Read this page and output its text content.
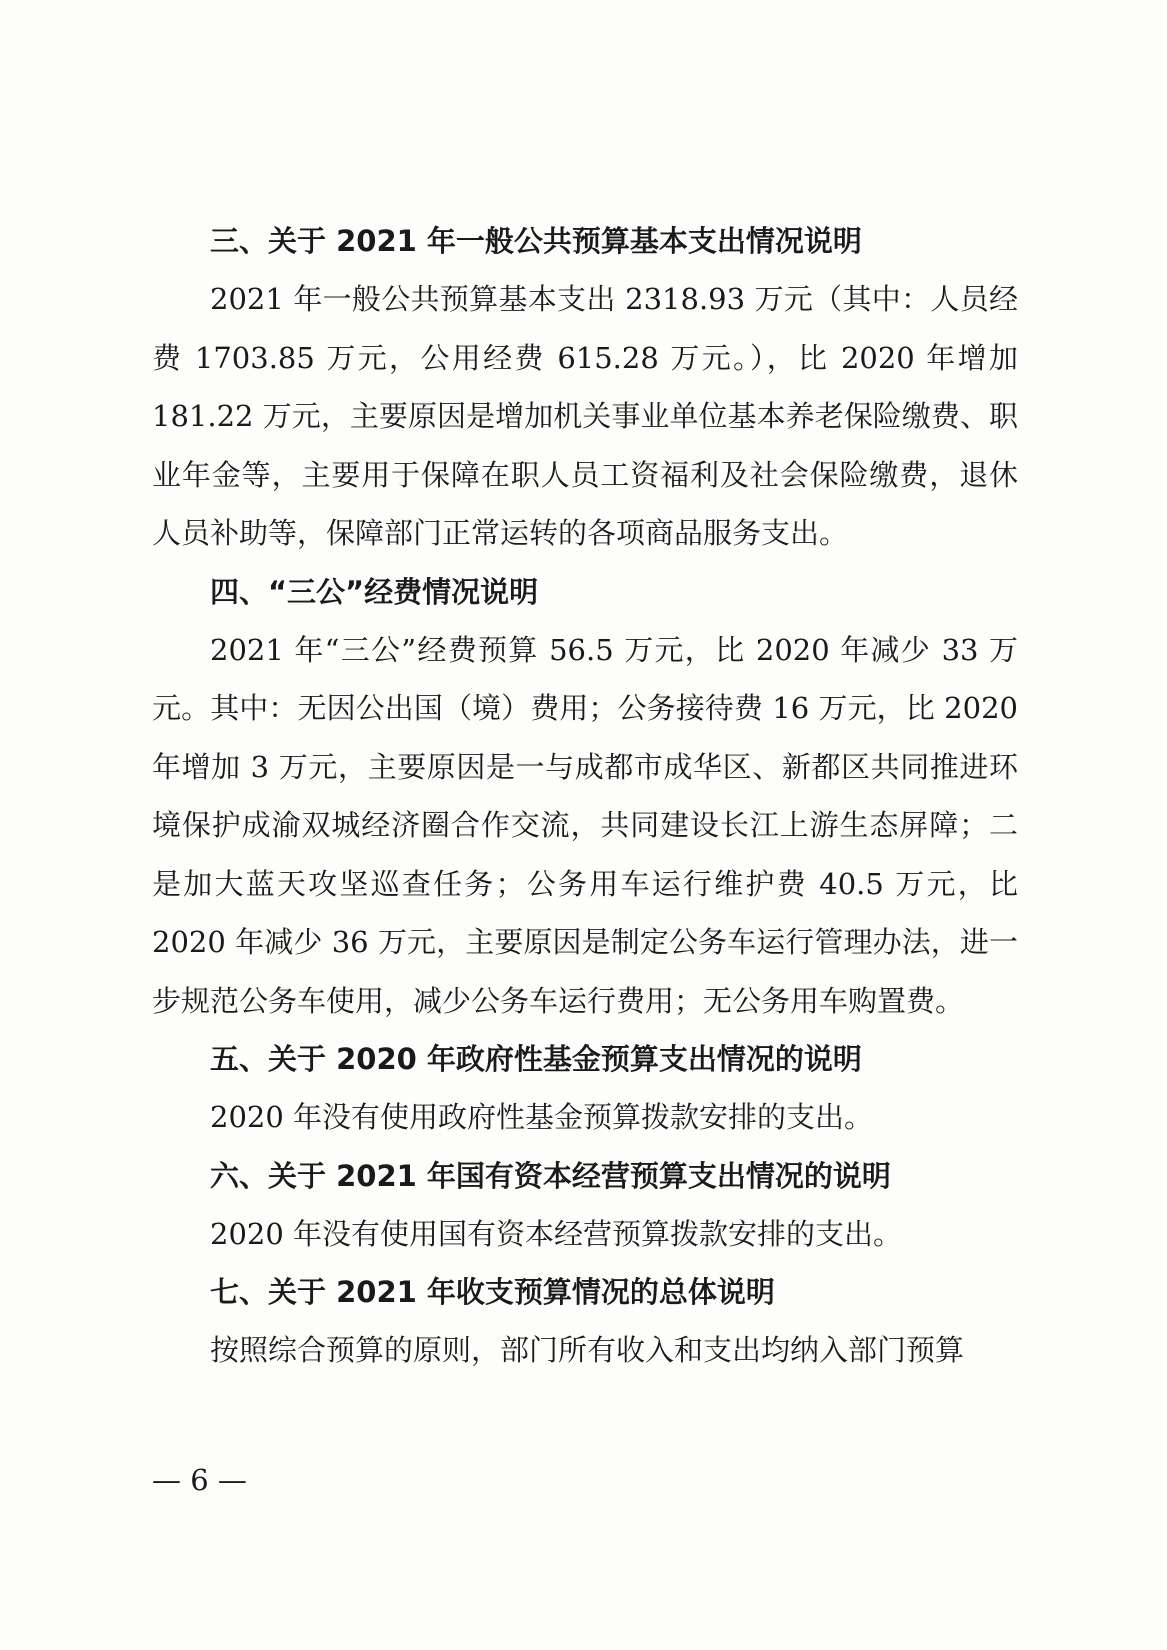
三、关于 2021 年一般公共预算基本支出情况说明

2021 年一般公共预算基本支出 2318.93 万元（其中：人员经费 1703.85 万元，公用经费 615.28 万元。），比 2020 年增加 181.22 万元，主要原因是增加机关事业单位基本养老保险缴费、职业年金等，主要用于保障在职人员工资福利及社会保险缴费，退休人员补助等，保障部门正常运转的各项商品服务支出。

四、“三公”经费情况说明

2021 年“三公”经费预算 56.5 万元，比 2020 年减少 33 万元。其中：无因公出国（境）费用；公务接待费 16 万元，比 2020 年增加 3 万元，主要原因是一与成都市成华区、新都区共同推进环境保护成渝双城经济圈合作交流，共同建设长江上游生态屏障；二是加大蓝天攻坚巡查任务；公务用车运行维护费 40.5 万元，比 2020 年减少 36 万元，主要原因是制定公务车运行管理办法，进一步规范公务车使用，减少公务车运行费用；无公务用车购置费。

五、关于 2020 年政府性基金预算支出情况的说明

2020 年没有使用政府性基金预算拨款安排的支出。

六、关于 2021 年国有资本经营预算支出情况的说明

2020 年没有使用国有资本经营预算拨款安排的支出。

七、关于 2021 年收支预算情况的总体说明

按照综合预算的原则，部门所有收入和支出均纳入部门预算

— 6 —
